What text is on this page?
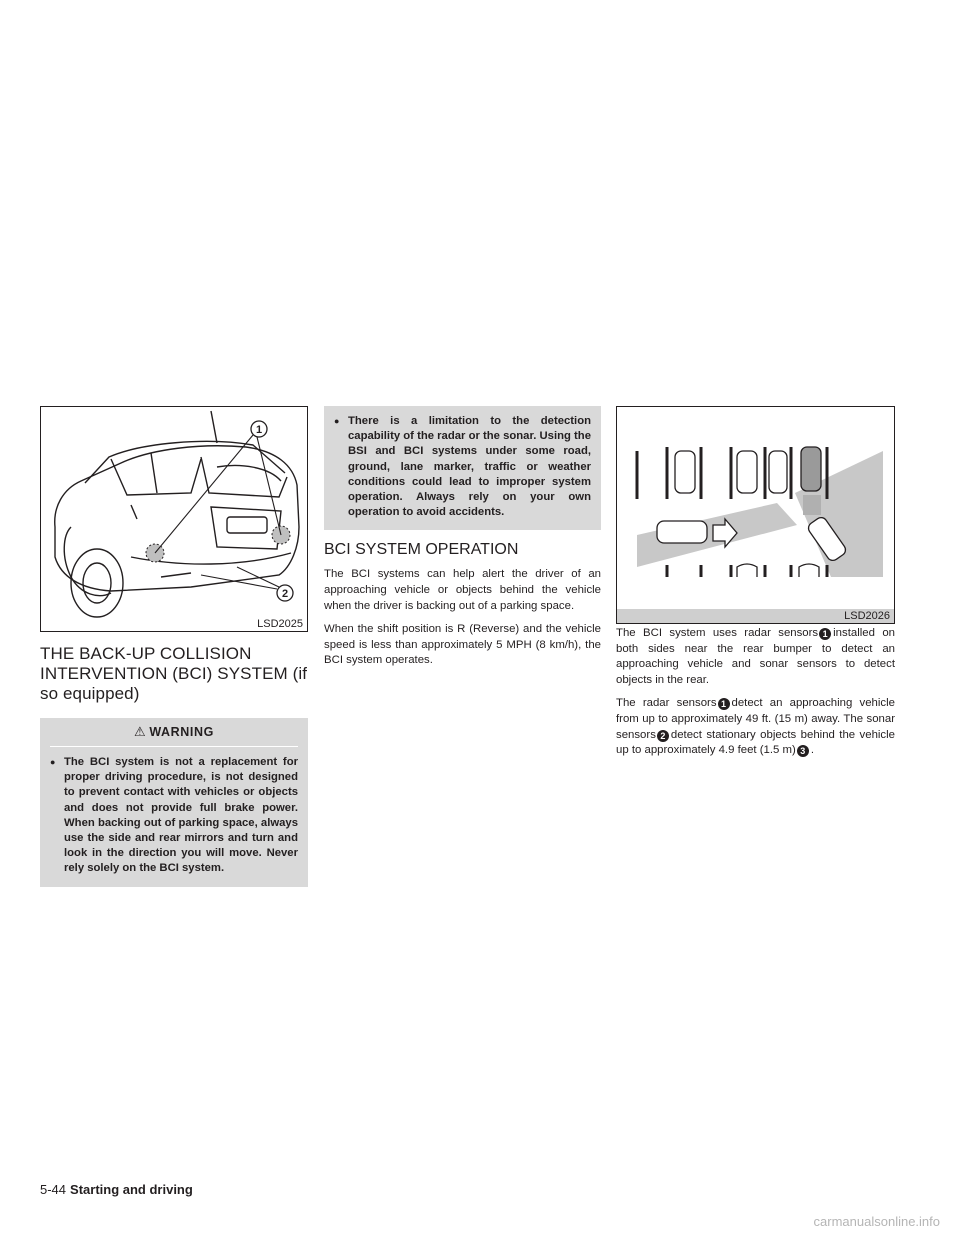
1
2
LSD2025
THE BACK-UP COLLISION INTERVENTION (BCI) SYSTEM (if so equipped)
⚠ WARNING
● The BCI system is not a replacement for proper driving procedure, is not designed to prevent contact with vehicles or objects and does not provide full brake power. When backing out of parking space, always use the side and rear mirrors and turn and look in the direction you will move. Never rely solely on the BCI system.
● There is a limitation to the detection capability of the radar or the sonar. Using the BSI and BCI systems under some road, ground, lane marker, traffic or weather conditions could lead to improper system operation. Always rely on your own operation to avoid accidents.
BCI SYSTEM OPERATION

The BCI systems can help alert the driver of an approaching vehicle or objects behind the vehicle when the driver is backing out of a parking space.

When the shift position is R (Reverse) and the vehicle speed is less than approximately 5 MPH (8 km/h), the BCI system operates.

LSD2026

The BCI system uses radar sensors 1 installed on both sides near the rear bumper to detect an approaching vehicle and sonar sensors to detect objects in the rear.

The radar sensors 1 detect an approaching vehicle from up to approximately 49 ft. (15 m) away. The sonar sensors 2 detect stationary objects behind the vehicle up to approximately 4.9 feet (1.5 m) 3 .

5-44 Starting and driving
carmanualsonline.info
